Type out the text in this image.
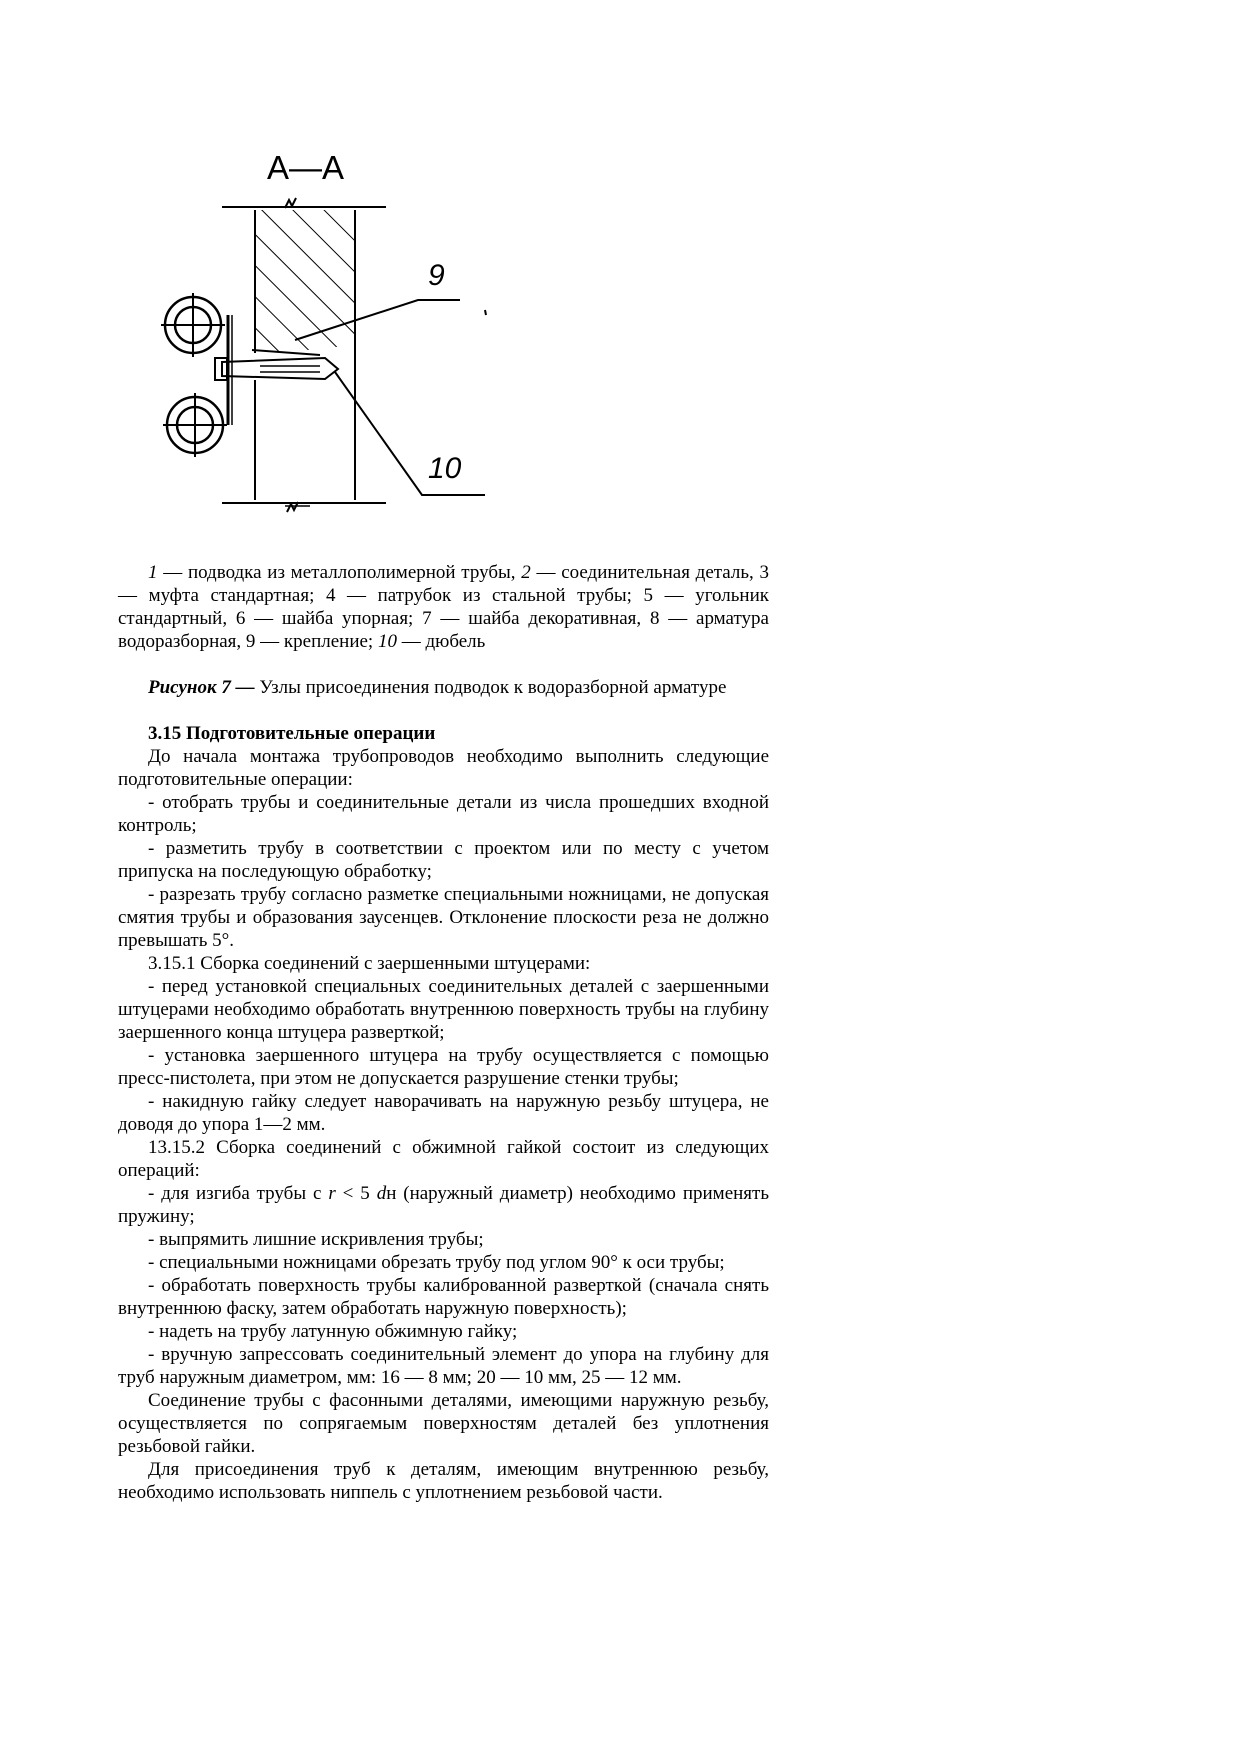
А—А
9
10

1 — подводка из металлополимерной трубы, 2 — соединительная деталь, 3 — муфта стандартная; 4 — патрубок из стальной трубы; 5 — угольник стандартный, 6 — шайба упорная; 7 — шайба декоративная, 8 — арматура водоразборная, 9 — крепление; 10 — дюбель

Рисунок 7 — Узлы присоединения подводок к водоразборной арматуре

3.15 Подготовительные операции

До начала монтажа трубопроводов необходимо выполнить следующие подготовительные операции:

- отобрать трубы и соединительные детали из числа прошедших входной контроль;

- разметить трубу в соответствии с проектом или по месту с учетом припуска на последующую обработку;

- разрезать трубу согласно разметке специальными ножницами, не допуская смятия трубы и образования заусенцев. Отклонение плоскости реза не должно превышать 5°.

3.15.1 Сборка соединений с заершенными штуцерами:

- перед установкой специальных соединительных деталей с заершенными штуцерами необходимо обработать внутреннюю поверхность трубы на глубину заершенного конца штуцера разверткой;

- установка заершенного штуцера на трубу осуществляется с помощью пресс-пистолета, при этом не допускается разрушение стенки трубы;

- накидную гайку следует наворачивать на наружную резьбу штуцера, не доводя до упора 1—2 мм.

13.15.2 Сборка соединений с обжимной гайкой состоит из следующих операций:

- для изгиба трубы с r < 5 dн (наружный диаметр) необходимо применять пружину;

- выпрямить лишние искривления трубы;

- специальными ножницами обрезать трубу под углом 90° к оси трубы;

- обработать поверхность трубы калиброванной разверткой (сначала снять внутреннюю фаску, затем обработать наружную поверхность);

- надеть на трубу латунную обжимную гайку;

- вручную запрессовать соединительный элемент до упора на глубину для труб наружным диаметром, мм: 16 — 8 мм; 20 — 10 мм, 25 — 12 мм.

Соединение трубы с фасонными деталями, имеющими наружную резьбу, осуществляется по сопрягаемым поверхностям деталей без уплотнения резьбовой гайки.

Для присоединения труб к деталям, имеющим внутреннюю резьбу, необходимо использовать ниппель с уплотнением резьбовой части.
